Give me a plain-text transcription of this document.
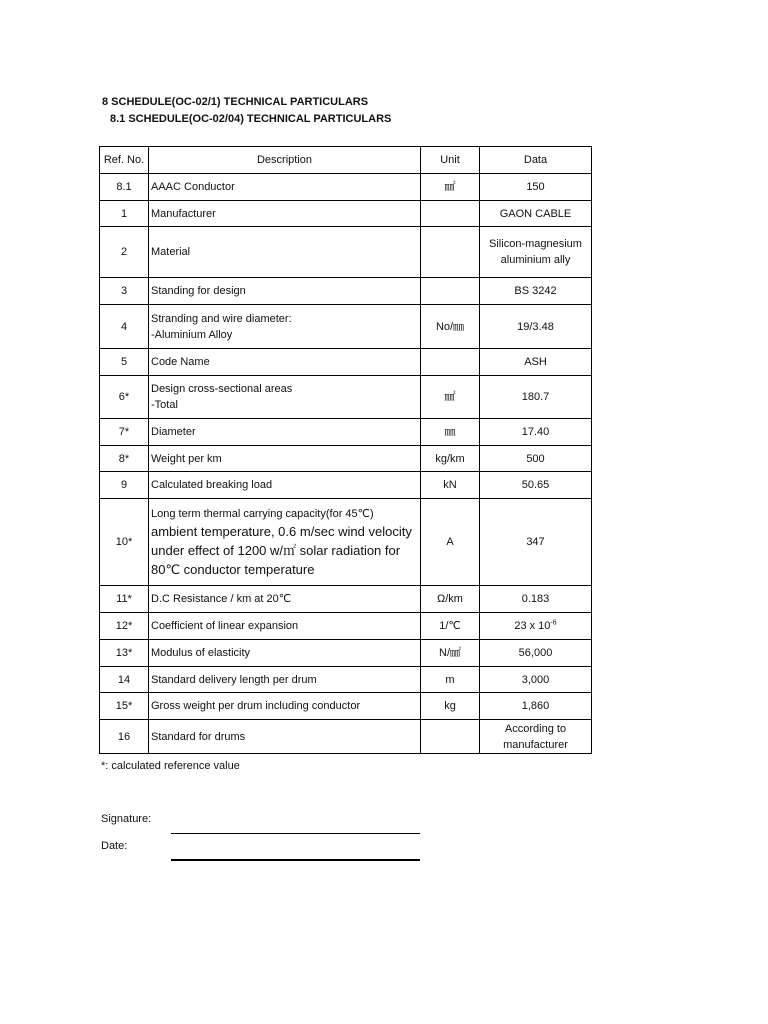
8 SCHEDULE(OC-02/1) TECHNICAL PARTICULARS
8.1 SCHEDULE(OC-02/04) TECHNICAL PARTICULARS
Ref. No.	Description	Unit	Data
8.1	AAAC Conductor	㎟	150
1	Manufacturer		GAON CABLE
2	Material		Silicon-magnesium
aluminium ally
3	Standing for design		BS 3242
4	Stranding and wire diameter:
-Aluminium Alloy	No/㎜	19/3.48
5	Code Name		ASH
6*	Design cross-sectional areas
-Total	㎟	180.7
7*	Diameter	㎜	17.40
8*	Weight per km	kg/km	500
9	Calculated breaking load	kN	50.65
10*	Long term thermal carrying capacity(for 45℃)
ambient temperature, 0.6 m/sec wind velocity
under effect of 1200 w/㎡ solar radiation for
80℃ conductor temperature	A	347
11*	D.C Resistance / km at 20℃	Ω/km	0.183
12*	Coefficient of linear expansion	1/℃	23 x $10^{-6}$
13*	Modulus of elasticity	N/㎟	56,000
14	Standard delivery length per drum	m	3,000
15*	Gross weight per drum including conductor	kg	1,860
16	Standard for drums		According to
manufacturer
*: calculated reference value
Signature:
Date:
